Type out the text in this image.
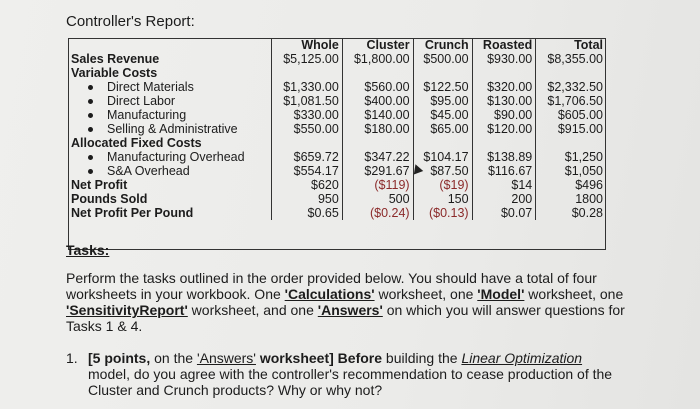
Controller's Report:
	Whole	Cluster	Crunch	Roasted	Total
Sales Revenue	$5,125.00	$1,800.00	$500.00	$930.00	$8,355.00
Variable Costs					
Direct Materials	$1,330.00	$560.00	$122.50	$320.00	$2,332.50
Direct Labor	$1,081.50	$400.00	$95.00	$130.00	$1,706.50
Manufacturing	$330.00	$140.00	$45.00	$90.00	$605.00
Selling & Administrative	$550.00	$180.00	$65.00	$120.00	$915.00
Allocated Fixed Costs					
Manufacturing Overhead	$659.72	$347.22	$104.17	$138.89	$1,250
S&A Overhead	$554.17	$291.67	$87.50	$116.67	$1,050
Net Profit	$620	($119)	($19)	$14	$496
Pounds Sold	950	500	150	200	1800
Net Profit Per Pound	$0.65	($0.24)	($0.13)	$0.07	$0.28
Tasks:
Perform the tasks outlined in the order provided below. You should have a total of four worksheets in your workbook. One 'Calculations' worksheet, one 'Model' worksheet, one 'SensitivityReport' worksheet, and one 'Answers' on which you will answer questions for Tasks 1 & 4.
1. [5 points, on the 'Answers' worksheet] Before building the Linear Optimization model, do you agree with the controller's recommendation to cease production of the Cluster and Crunch products? Why or why not?
